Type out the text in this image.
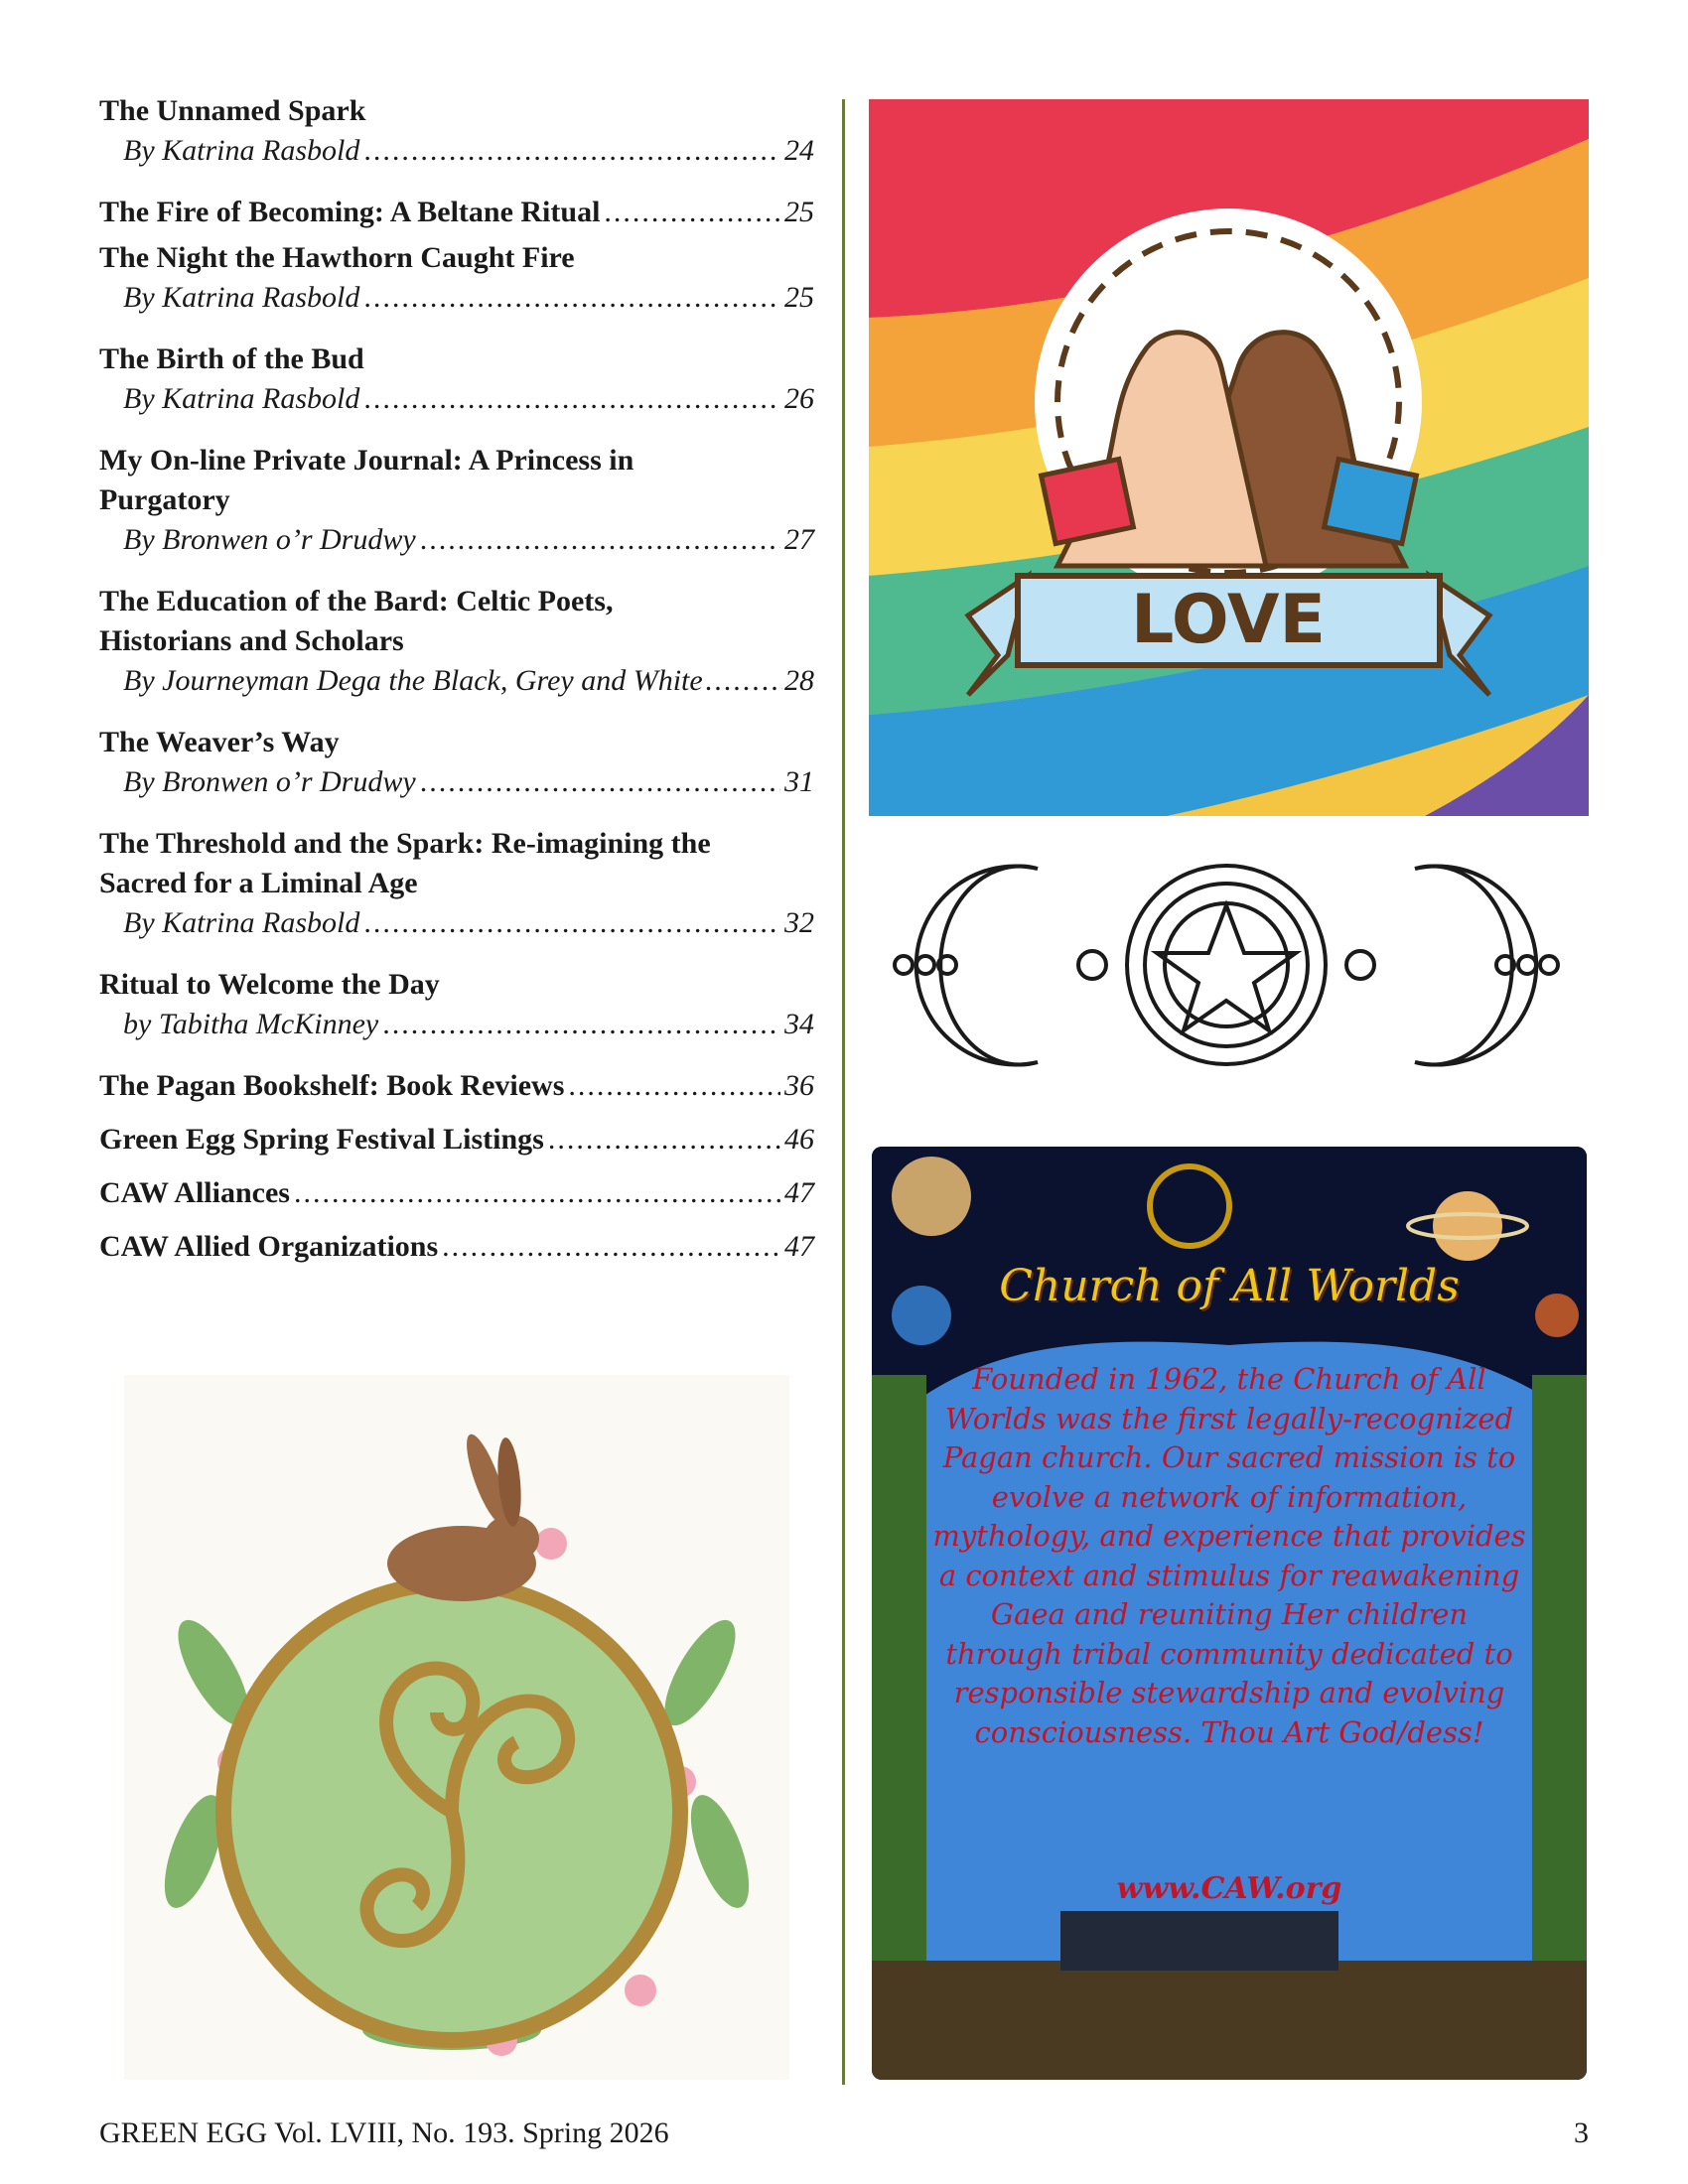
The Unnamed Spark
By Katrina Rasbold .....	24
The Fire of Becoming: A Beltane Ritual .....	25
The Night the Hawthorn Caught Fire
By Katrina Rasbold .....	25
The Birth of the Bud
By Katrina Rasbold .....	26
My On-line Private Journal: A Princess in Purgatory
By Bronwen o’r Drudwy .....	27
The Education of the Bard: Celtic Poets, Historians and Scholars
By Journeyman Dega the Black, Grey and White .....	28
The Weaver’s Way
By Bronwen o’r Drudwy .....	31
The Threshold and the Spark: Re-imagining the Sacred for a Liminal Age
By Katrina Rasbold .....	32
Ritual to Welcome the Day
by Tabitha McKinney .....	34
The Pagan Bookshelf: Book Reviews .....	36
Green Egg Spring Festival Listings .....	46
CAW Alliances .....	47
CAW Allied Organizations .....	47
LOVE
Church of All Worlds
Founded in 1962, the Church of All Worlds was the first legally-recognized Pagan church. Our sacred mission is to evolve a network of information, mythology, and experience that provides a context and stimulus for reawakening Gaea and reuniting Her children through tribal community dedicated to responsible stewardship and evolving consciousness. Thou Art God/dess!
www.CAW.org
GREEN EGG Vol. LVIII, No. 193. Spring 2026	3
